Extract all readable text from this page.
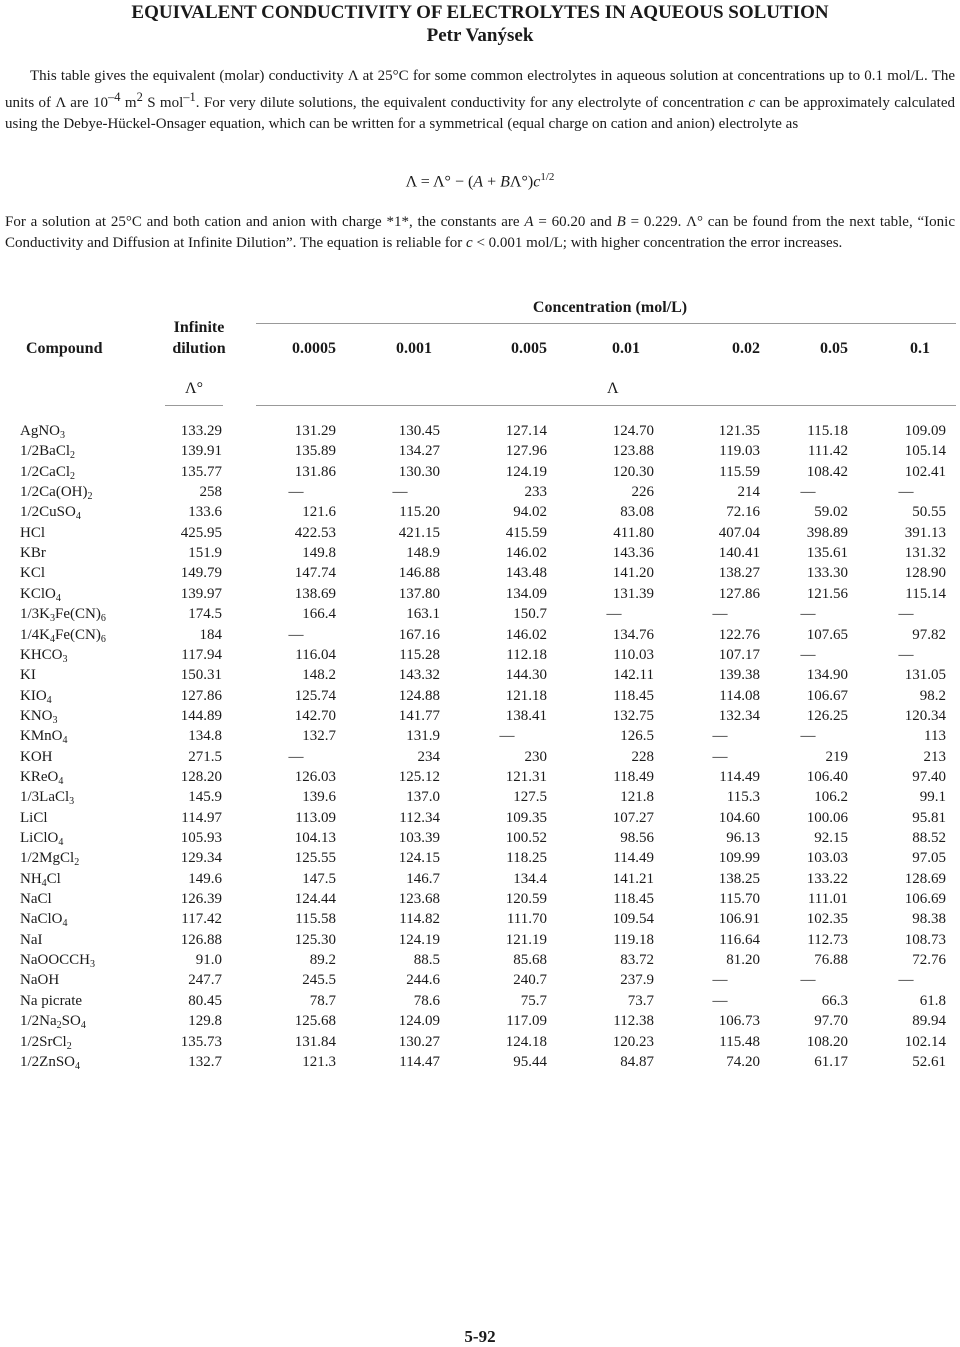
EQUIVALENT CONDUCTIVITY OF ELECTROLYTES IN AQUEOUS SOLUTION
Petr Vanýsek
This table gives the equivalent (molar) conductivity Λ at 25°C for some common electrolytes in aqueous solution at concentrations up to 0.1 mol/L. The units of Λ are $10^{-4}$ $m^2$ S mol$^{-1}$. For very dilute solutions, the equivalent conductivity for any electrolyte of concentration c can be approximately calculated using the Debye-Hückel-Onsager equation, which can be written for a symmetrical (equal charge on cation and anion) electrolyte as
$\Lambda = \Lambda^\circ - (A + B\Lambda^\circ)c^{1/2}$
For a solution at 25°C and both cation and anion with charge *1*, the constants are A = 60.20 and B = 0.229. Λ° can be found from the next table, “Ionic Conductivity and Diffusion at Infinite Dilution”. The equation is reliable for c < 0.001 mol/L; with higher concentration the error increases.
Concentration (mol/L)
Infinite
dilution
Compound	0.0005	0.001	0.005	0.01	0.02	0.05	0.1
Λ°	Λ
AgNO$_3$	133.29	131.29	130.45	127.14	124.70	121.35	115.18	109.09
1/2BaCl$_2$	139.91	135.89	134.27	127.96	123.88	119.03	111.42	105.14
1/2CaCl$_2$	135.77	131.86	130.30	124.19	120.30	115.59	108.42	102.41
$1/2Ca(OH)_2$	258	—	—	233	226	214	—	—
1/2CuSO$_4$	133.6	121.6	115.20	94.02	83.08	72.16	59.02	50.55
HCl	425.95	422.53	421.15	415.59	411.80	407.04	398.89	391.13
KBr	151.9	149.8	148.9	146.02	143.36	140.41	135.61	131.32
KCl	149.79	147.74	146.88	143.48	141.20	138.27	133.30	128.90
KClO$_4$	139.97	138.69	137.80	134.09	131.39	127.86	121.56	115.14
$1/3K_3Fe(CN)_6$	174.5	166.4	163.1	150.7	—	—	—	—
$1/4K_4Fe(CN)_6$	184	—	167.16	146.02	134.76	122.76	107.65	97.82
$KHCO_3$	117.94	116.04	115.28	112.18	110.03	107.17	—	—
KI	150.31	148.2	143.32	144.30	142.11	139.38	134.90	131.05
$KIO_4$	127.86	125.74	124.88	121.18	118.45	114.08	106.67	98.2
$KNO_3$	144.89	142.70	141.77	138.41	132.75	132.34	126.25	120.34
KMnO$_4$	134.8	132.7	131.9	—	126.5	—	—	113
KOH	271.5	—	234	230	228	—	219	213
KReO$_4$	128.20	126.03	125.12	121.31	118.49	114.49	106.40	97.40
1/3LaCl$_3$	145.9	139.6	137.0	127.5	121.8	115.3	106.2	99.1
LiCl	114.97	113.09	112.34	109.35	107.27	104.60	100.06	95.81
LiClO$_4$	105.93	104.13	103.39	100.52	98.56	96.13	92.15	88.52
1/2MgCl$_2$	129.34	125.55	124.15	118.25	114.49	109.99	103.03	97.05
$NH_4Cl$	149.6	147.5	146.7	134.4	141.21	138.25	133.22	128.69
NaCl	126.39	124.44	123.68	120.59	118.45	115.70	111.01	106.69
NaClO$_4$	117.42	115.58	114.82	111.70	109.54	106.91	102.35	98.38
NaI	126.88	125.30	124.19	121.19	119.18	116.64	112.73	108.73
NaOOCCH$_3$	91.0	89.2	88.5	85.68	83.72	81.20	76.88	72.76
NaOH	247.7	245.5	244.6	240.7	237.9	—	—	—
Na picrate	80.45	78.7	78.6	75.7	73.7	—	66.3	61.8
$1/2Na_2SO_4$	129.8	125.68	124.09	117.09	112.38	106.73	97.70	89.94
1/2SrCl$_2$	135.73	131.84	130.27	124.18	120.23	115.48	108.20	102.14
1/2ZnSO$_4$	132.7	121.3	114.47	95.44	84.87	74.20	61.17	52.61
5-92
